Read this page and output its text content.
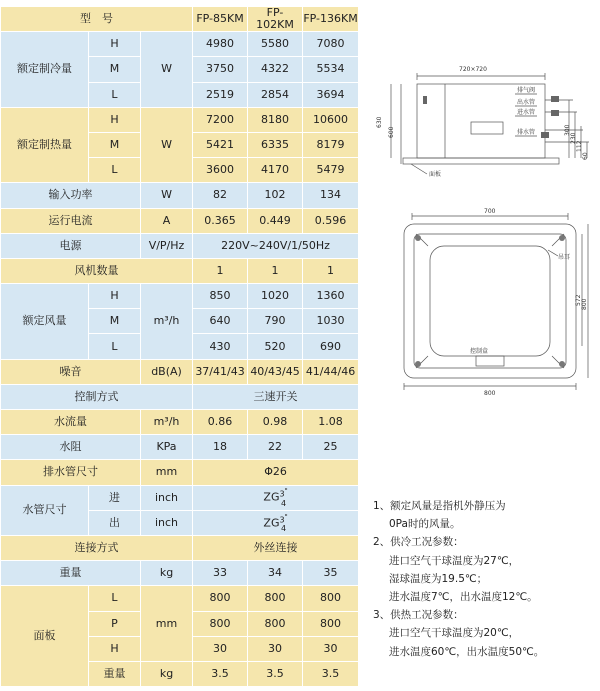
型　号			FP-85KM	FP-102KM	FP-136KM
额定制冷量	H	W	4980	5580	7080
	M		3750	4322	5534
	L		2519	2854	3694
额定制热量	H	W	7200	8180	10600
	M		5421	6335	8179
	L		3600	4170	5479
输入功率		W	82	102	134
运行电流		A	0.365	0.449	0.596
电源		V/P/Hz	220V~240V/1/50Hz		
风机数量			1	1	1
额定风量	H	m³/h	850	1020	1360
	M		640	790	1030
	L		430	520	690
噪音		dB(A)	37/41/43	40/43/45	41/44/46
控制方式			三速开关		
水流量		m³/h	0.86	0.98	1.08
水阻		KPa	18	22	25
排水管尺寸		mm	Φ26		
水管尺寸	进	inch	ZG3"
4		
	出	inch	ZG3"
4		
连接方式			外丝连接		
重量		kg	33	34	35
面板	L	mm	800	800	800
	P		800	800	800
	H		30	30	30
	重量	kg	3.5	3.5	3.5
720×720
630
600	300
230
112
60
排气阀
出水管
进水管
排水管
面板
700
800
572 800
吊耳
控制盒

1、额定风量是指机外静压为

0Pa时的风量。

2、供冷工况参数：

进口空气干球温度为27℃，

湿球温度为19.5℃；

进水温度7℃，出水温度12℃。

3、供热工况参数：

进口空气干球温度为20℃，

进水温度60℃，出水温度50℃。
